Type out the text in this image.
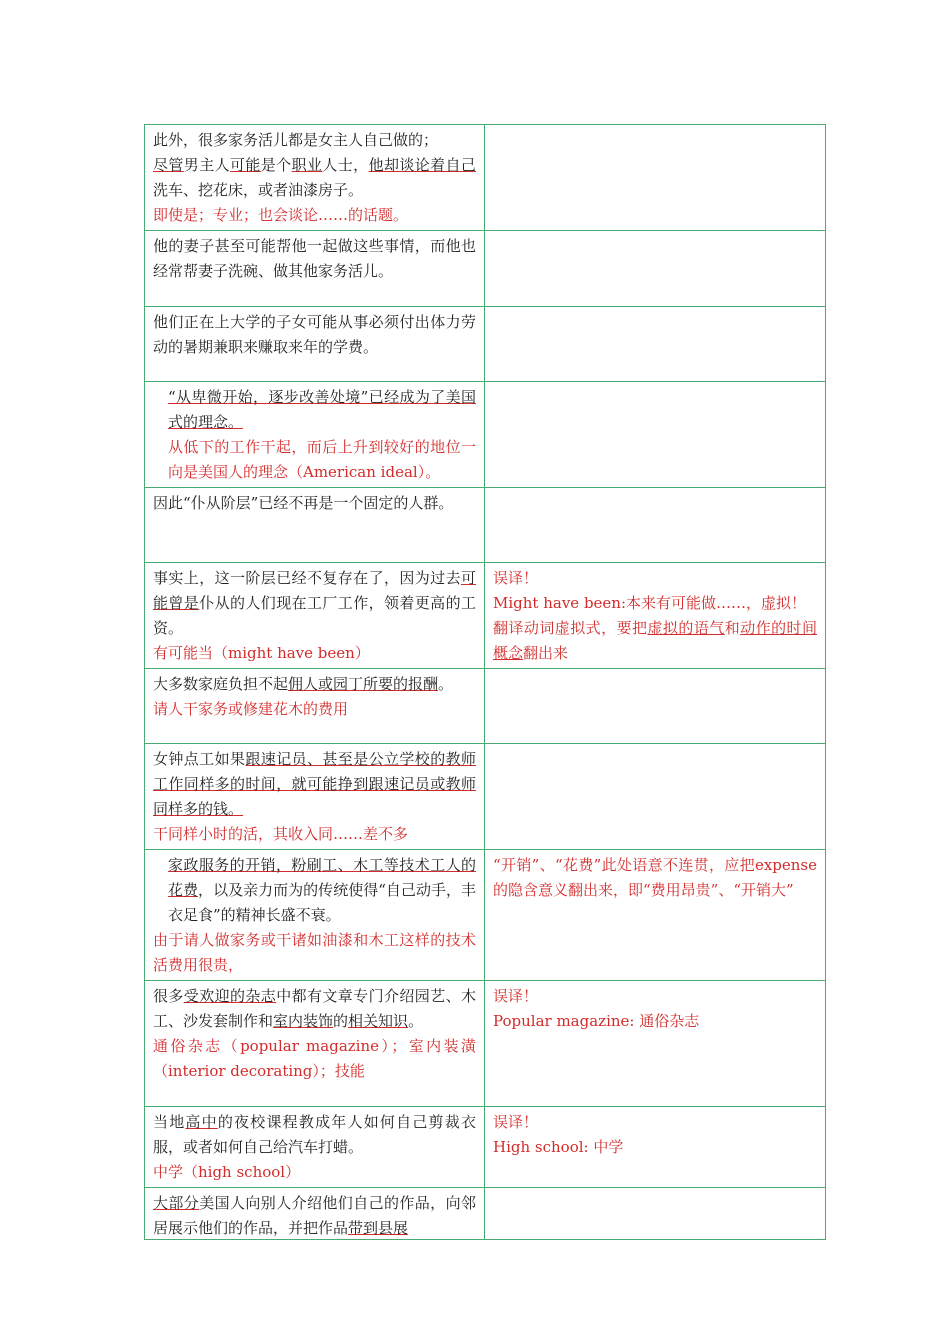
此外，很多家务活儿都是女主人自己做的；
尽管男主人可能是个职业人士，他却谈论着自己洗车、挖花床，或者油漆房子。
即使是；专业；也会谈论……的话题。	

他的妻子甚至可能帮他一起做这些事情，而他也经常帮妻子洗碗、做其他家务活儿。	

他们正在上大学的子女可能从事必须付出体力劳动的暑期兼职来赚取来年的学费。	

“从卑微开始，逐步改善处境”已经成为了美国式的理念。
从低下的工作干起，而后上升到较好的地位一向是美国人的理念（American ideal）。	

因此“仆从阶层”已经不再是一个固定的人群。	

事实上，这一阶层已经不复存在了，因为过去可能曾是仆从的人们现在工厂工作，领着更高的工资。
有可能当（might have been）	误译！
Might have been:本来有可能做……，虚拟！
翻译动词虚拟式，要把虚拟的语气和动作的时间概念翻出来

大多数家庭负担不起佣人或园丁所要的报酬。
请人干家务或修建花木的费用	

女钟点工如果跟速记员、甚至是公立学校的教师工作同样多的时间，就可能挣到跟速记员或教师同样多的钱。
干同样小时的活，其收入同……差不多	

家政服务的开销，粉刷工、木工等技术工人的花费，以及亲力而为的传统使得“自己动手，丰衣足食”的精神长盛不衰。
由于请人做家务或干诸如油漆和木工这样的技术活费用很贵，	“开销”、“花费”此处语意不连贯，应把expense的隐含意义翻出来，即“费用昂贵”、“开销大”

很多受欢迎的杂志中都有文章专门介绍园艺、木工、沙发套制作和室内装饰的相关知识。
通俗杂志（popular magazine）；室内装潢（interior decorating）；技能	误译！
Popular magazine: 通俗杂志

当地高中的夜校课程教成年人如何自己剪裁衣服，或者如何自己给汽车打蜡。
中学（high school）	误译！
High school: 中学

大部分美国人向别人介绍他们自己的作品，向邻居展示他们的作品，并把作品带到县展	
